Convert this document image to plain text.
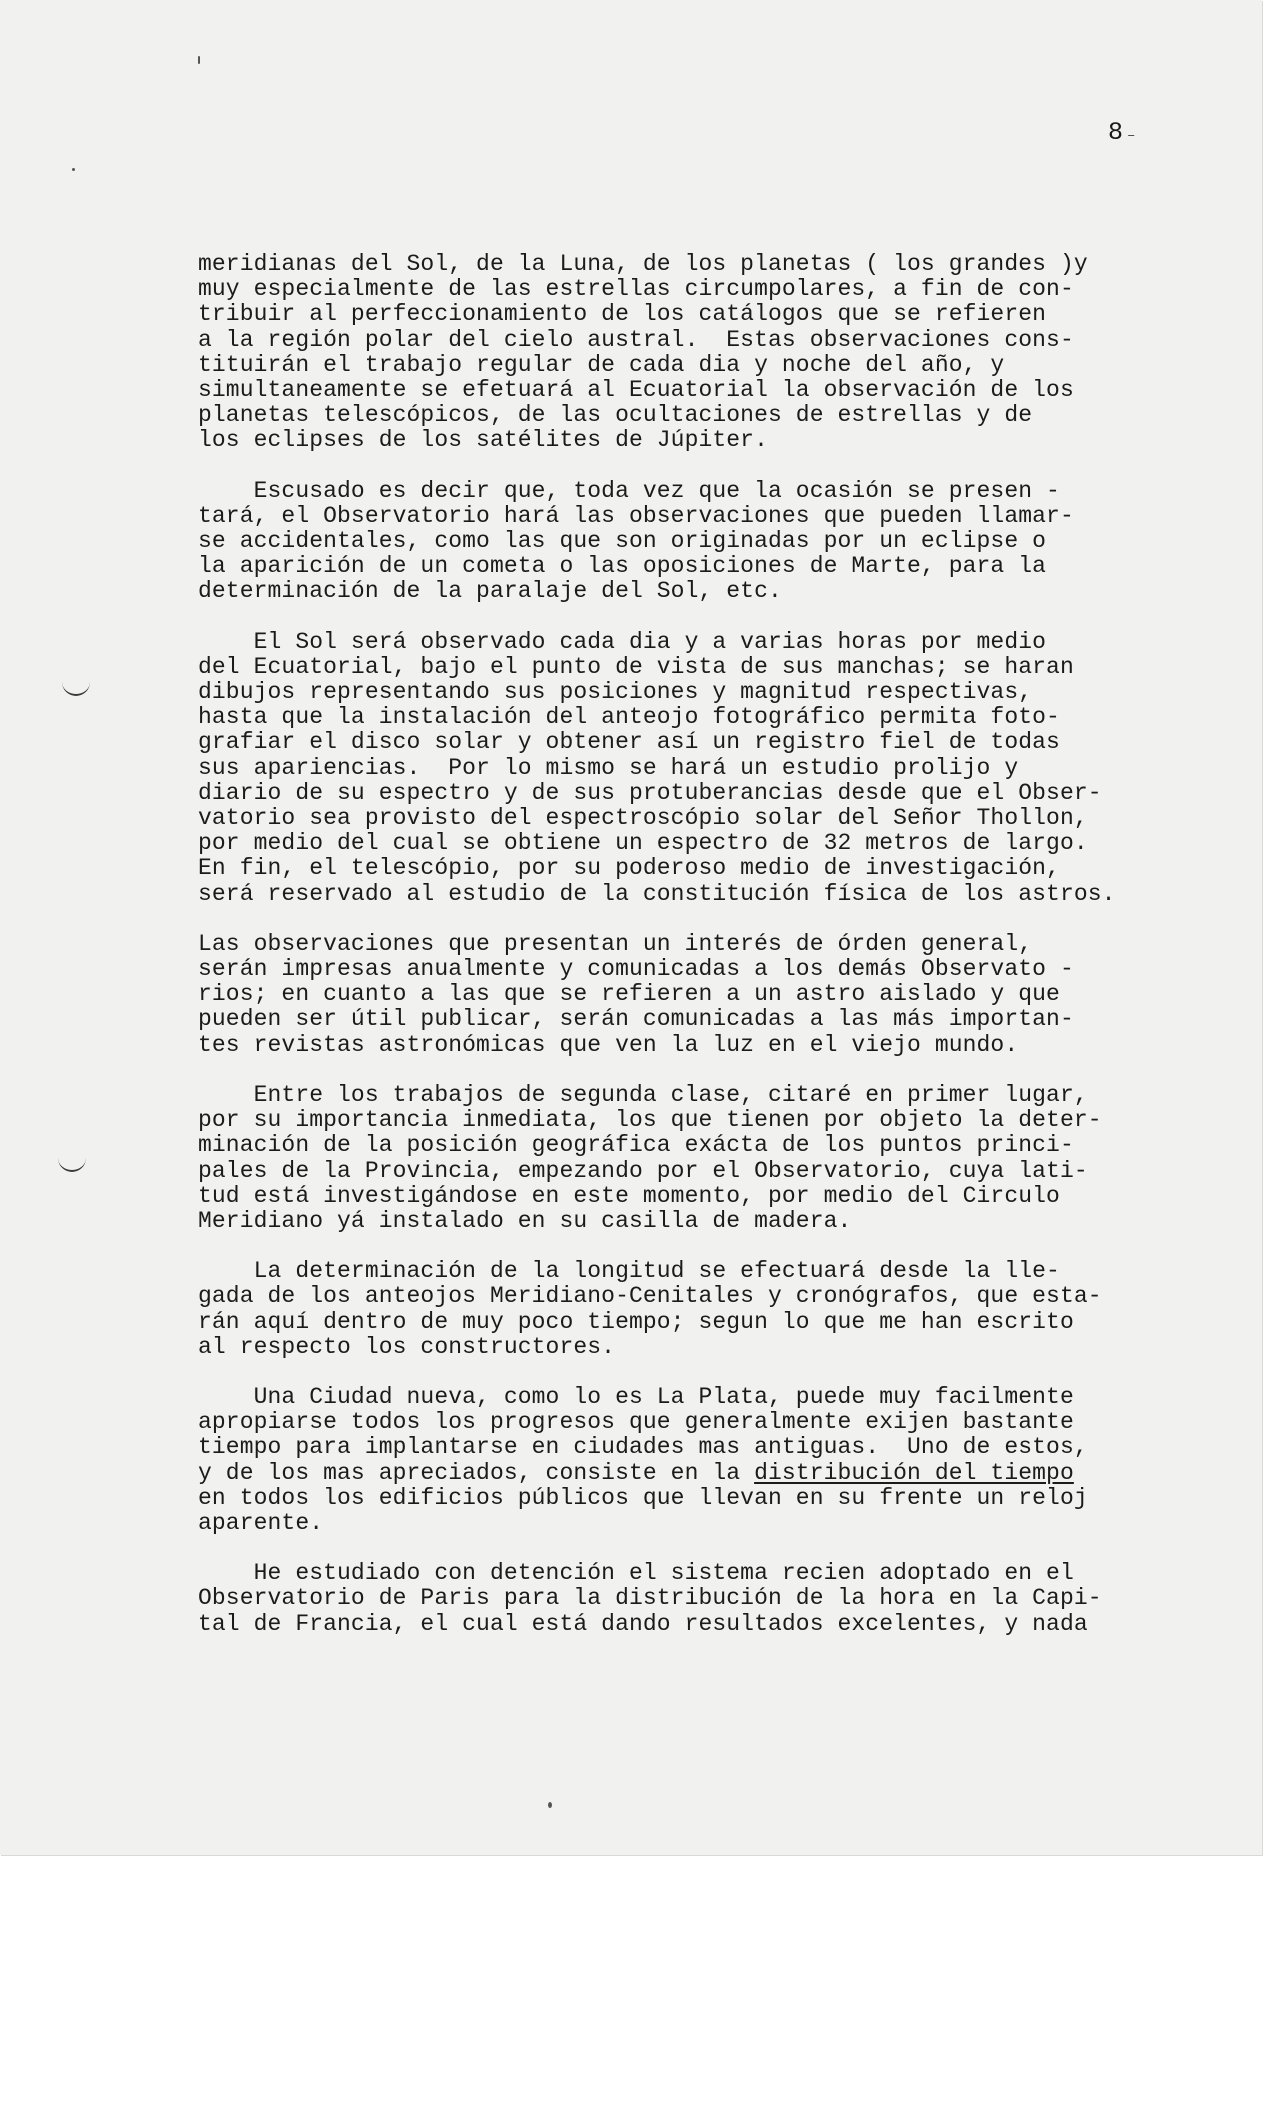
8 –
meridianas del Sol, de la Luna, de los planetas ( los grandes )y
muy especialmente de las estrellas circumpolares, a fin de con-
tribuir al perfeccionamiento de los catálogos que se refieren
a la región polar del cielo austral.  Estas observaciones cons-
tituirán el trabajo regular de cada dia y noche del año, y
simultaneamente se efetuará al Ecuatorial la observación de los
planetas telescópicos, de las ocultaciones de estrellas y de
los eclipses de los satélites de Júpiter.
Escusado es decir que, toda vez que la ocasión se presen -
tará, el Observatorio hará las observaciones que pueden llamar-
se accidentales, como las que son originadas por un eclipse o
la aparición de un cometa o las oposiciones de Marte, para la
determinación de la paralaje del Sol, etc.
El Sol será observado cada dia y a varias horas por medio
del Ecuatorial, bajo el punto de vista de sus manchas; se haran
dibujos representando sus posiciones y magnitud respectivas,
hasta que la instalación del anteojo fotográfico permita foto-
grafiar el disco solar y obtener así un registro fiel de todas
sus apariencias.  Por lo mismo se hará un estudio prolijo y
diario de su espectro y de sus protuberancias desde que el Obser-
vatorio sea provisto del espectroscópio solar del Señor Thollon,
por medio del cual se obtiene un espectro de 32 metros de largo.
En fin, el telescópio, por su poderoso medio de investigación,
será reservado al estudio de la constitución física de los astros.
Las observaciones que presentan un interés de órden general,
serán impresas anualmente y comunicadas a los demás Observato -
rios; en cuanto a las que se refieren a un astro aislado y que
pueden ser útil publicar, serán comunicadas a las más importan-
tes revistas astronómicas que ven la luz en el viejo mundo.
Entre los trabajos de segunda clase, citaré en primer lugar,
por su importancia inmediata, los que tienen por objeto la deter-
minación de la posición geográfica exácta de los puntos princi-
pales de la Provincia, empezando por el Observatorio, cuya lati-
tud está investigándose en este momento, por medio del Circulo
Meridiano yá instalado en su casilla de madera.
La determinación de la longitud se efectuará desde la lle-
gada de los anteojos Meridiano-Cenitales y cronógrafos, que esta-
rán aquí dentro de muy poco tiempo; segun lo que me han escrito
al respecto los constructores.
Una Ciudad nueva, como lo es La Plata, puede muy facilmente
apropiarse todos los progresos que generalmente exijen bastante
tiempo para implantarse en ciudades mas antiguas.  Uno de estos,
y de los mas apreciados, consiste en la distribución del tiempo
en todos los edificios públicos que llevan en su frente un reloj
aparente.
He estudiado con detención el sistema recien adoptado en el
Observatorio de Paris para la distribución de la hora en la Capi-
tal de Francia, el cual está dando resultados excelentes, y nada
